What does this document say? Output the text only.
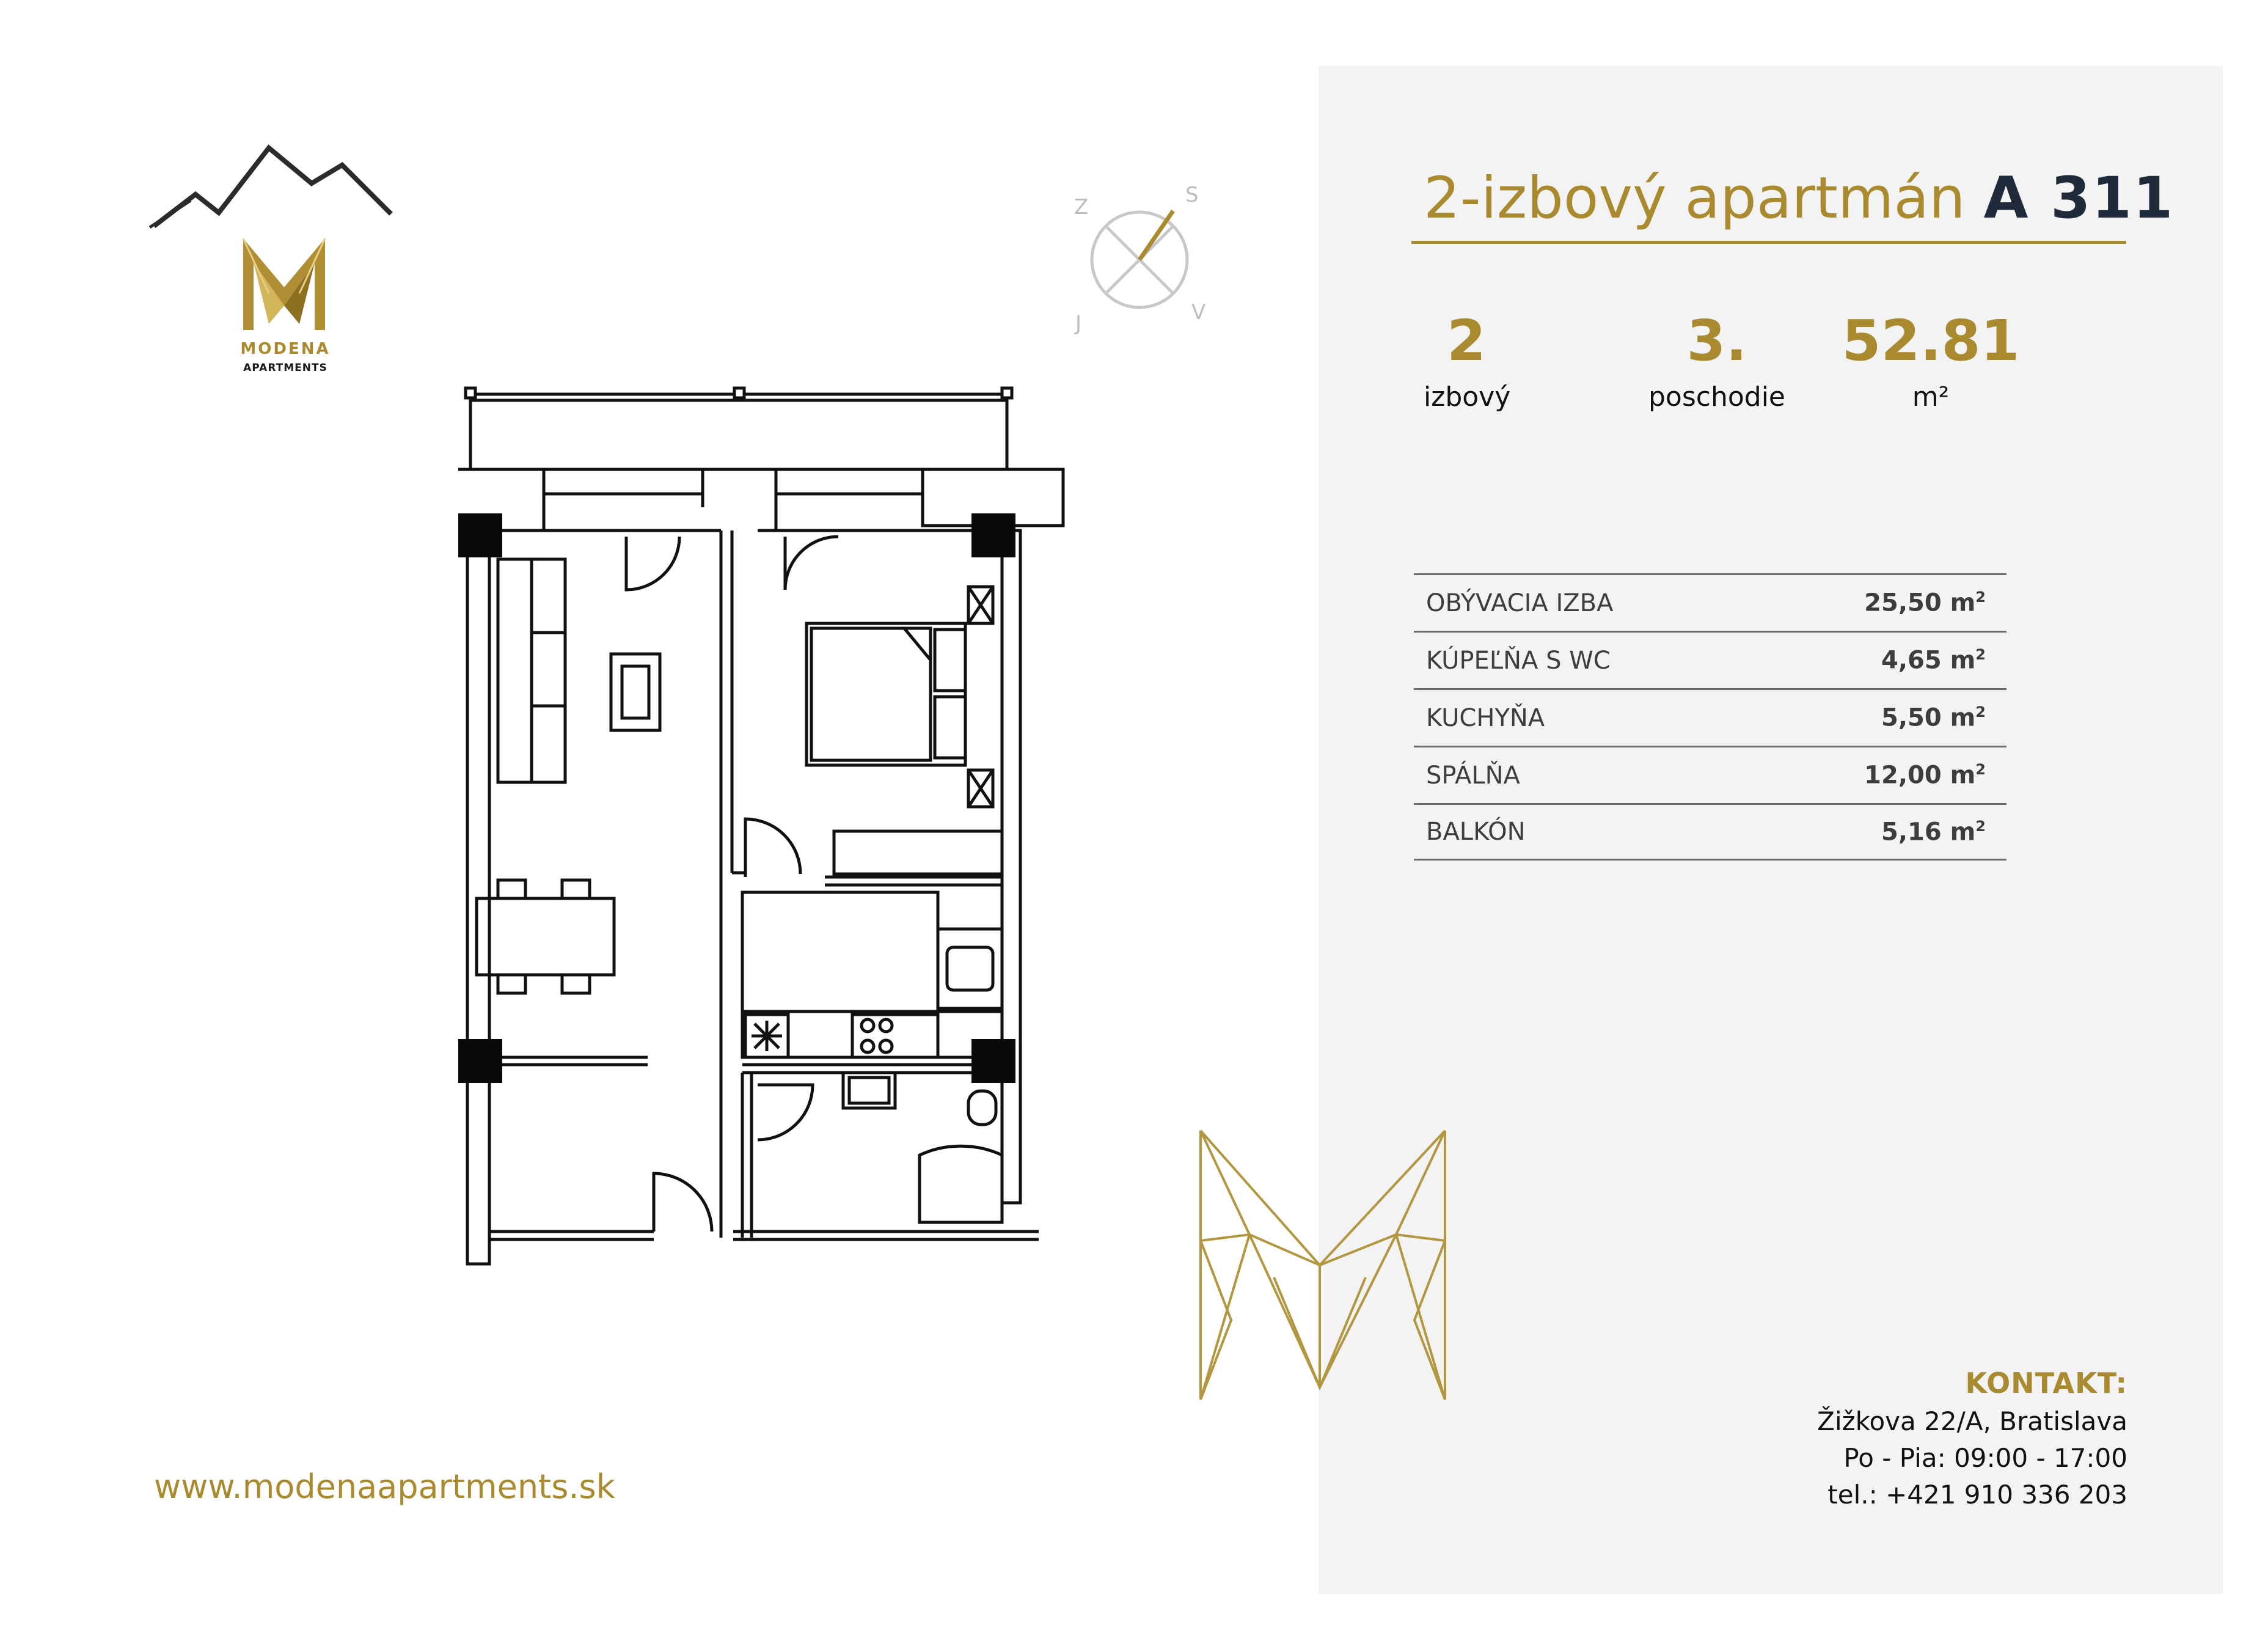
MODENA
APARTMENTS
Z	S
J	V
2-izbový apartmán A 311
2
izbový
3.
poschodie
52.81
m²
OBÝVACIA IZBA	25,50 $m^2$
KÚPEĽŇA S WC	4,65 $m^2$
KUCHYŇA	5,50 $m^2$
SPÁLŇA	12,00 $m^2$
BALKÓN	5,16 $m^2$
KONTAKT:
Žižkova 22/A, Bratislava
Po - Pia: 09:00 - 17:00
tel.: +421 910 336 203
www.modenaapartments.sk
